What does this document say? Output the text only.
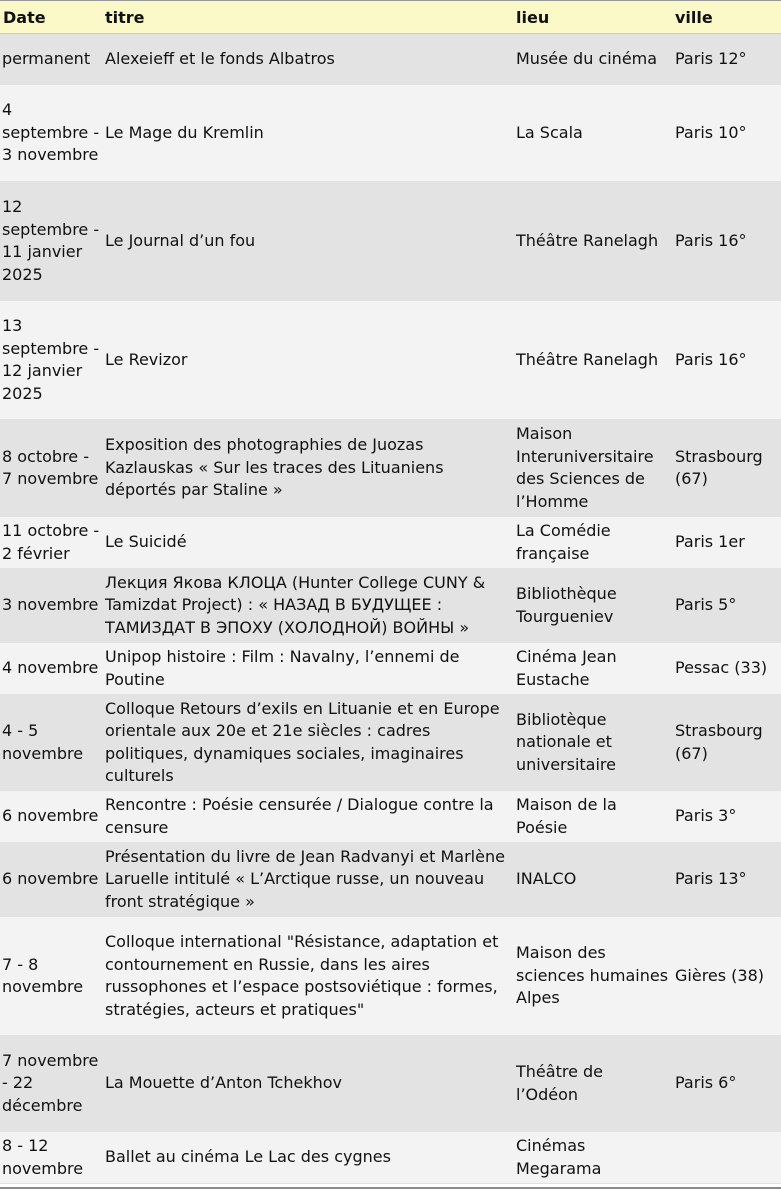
Date	titre	lieu	ville	
permanent	Alexeieff et le fonds Albatros	Musée du cinéma	Paris 12°	
4 septembre - 3 novembre	Le Mage du Kremlin	La Scala	Paris 10°	
12 septembre - 11 janvier 2025	Le Journal d’un fou	Théâtre Ranelagh	Paris 16°	
13 septembre - 12 janvier 2025	Le Revizor	Théâtre Ranelagh	Paris 16°	
8 octobre - 7 novembre	Exposition des photographies de Juozas Kazlauskas « Sur les traces des Lituaniens déportés par Staline »	Maison Interuniversitaire des Sciences de l’Homme	Strasbourg (67)	
11 octobre - 2 février	Le Suicidé	La Comédie française	Paris 1er	
3 novembre	Лекция Якова КЛОЦА (Hunter College CUNY & Tamizdat Project) : « НАЗАД В БУДУЩЕЕ : ТАМИЗДАТ В ЭПОХУ (ХОЛОДНОЙ) ВОЙНЫ »	Bibliothèque Tourgueniev	Paris 5°	
4 novembre	Unipop histoire : Film : Navalny, l’ennemi de Poutine	Cinéma Jean Eustache	Pessac (33)	
4 - 5 novembre	Colloque Retours d’exils en Lituanie et en Europe orientale aux 20e et 21e siècles : cadres politiques, dynamiques sociales, imaginaires culturels	Bibliotèque nationale et universitaire	Strasbourg (67)	
6 novembre	Rencontre : Poésie censurée / Dialogue contre la censure	Maison de la Poésie	Paris 3°	
6 novembre	Présentation du livre de Jean Radvanyi et Marlène Laruelle intitulé « L’Arctique russe, un nouveau front stratégique »	INALCO	Paris 13°	
7 - 8 novembre	Colloque international "Résistance, adaptation et contournement en Russie, dans les aires russophones et l’espace postsoviétique : formes, stratégies, acteurs et pratiques"	Maison des sciences humaines Alpes	Gières (38)	
7 novembre - 22 décembre	La Mouette d’Anton Tchekhov	Théâtre de l’Odéon	Paris 6°	
8 - 12 novembre	Ballet au cinéma Le Lac des cygnes	Cinémas Megarama		
